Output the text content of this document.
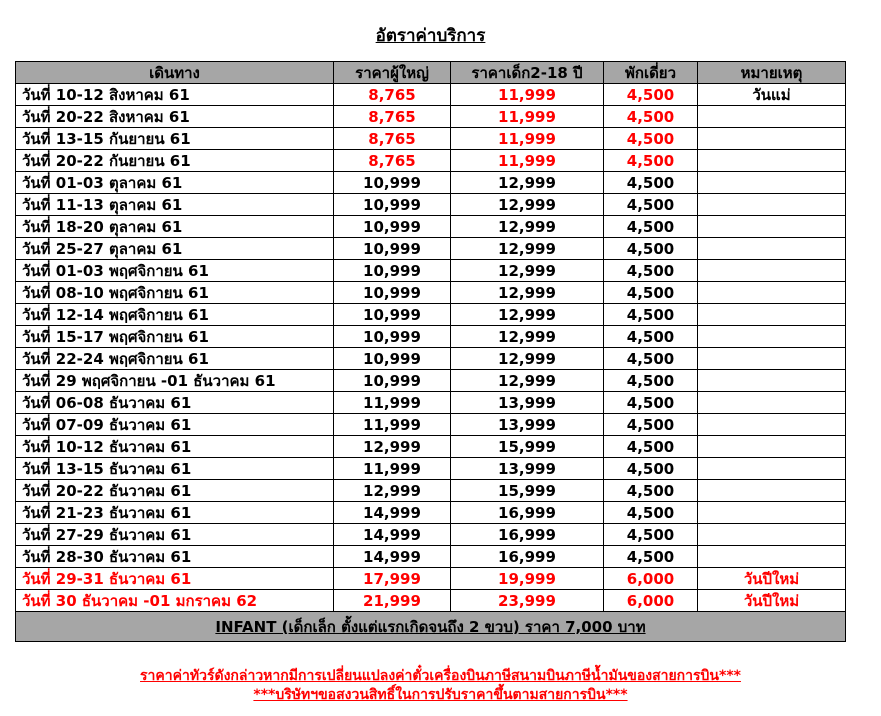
อัตราค่าบริการ
เดินทาง	ราคาผู้ใหญ่	ราคาเด็ก2-18 ปี	พักเดี่ยว	หมายเหตุ
วันที่ 10-12 สิงหาคม 61	8,765	11,999	4,500	วันแม่
วันที่ 20-22 สิงหาคม 61	8,765	11,999	4,500	
วันที่ 13-15 กันยายน 61	8,765	11,999	4,500	
วันที่ 20-22 กันยายน 61	8,765	11,999	4,500	
วันที่ 01-03 ตุลาคม 61	10,999	12,999	4,500	
วันที่ 11-13 ตุลาคม 61	10,999	12,999	4,500	
วันที่ 18-20 ตุลาคม 61	10,999	12,999	4,500	
วันที่ 25-27 ตุลาคม 61	10,999	12,999	4,500	
วันที่ 01-03 พฤศจิกายน 61	10,999	12,999	4,500	
วันที่ 08-10 พฤศจิกายน 61	10,999	12,999	4,500	
วันที่ 12-14 พฤศจิกายน 61	10,999	12,999	4,500	
วันที่ 15-17 พฤศจิกายน 61	10,999	12,999	4,500	
วันที่ 22-24 พฤศจิกายน 61	10,999	12,999	4,500	
วันที่ 29 พฤศจิกายน -01 ธันวาคม 61	10,999	12,999	4,500	
วันที่ 06-08 ธันวาคม 61	11,999	13,999	4,500	
วันที่ 07-09 ธันวาคม 61	11,999	13,999	4,500	
วันที่ 10-12 ธันวาคม 61	12,999	15,999	4,500	
วันที่ 13-15 ธันวาคม 61	11,999	13,999	4,500	
วันที่ 20-22 ธันวาคม 61	12,999	15,999	4,500	
วันที่ 21-23 ธันวาคม 61	14,999	16,999	4,500	
วันที่ 27-29 ธันวาคม 61	14,999	16,999	4,500	
วันที่ 28-30 ธันวาคม 61	14,999	16,999	4,500	
วันที่ 29-31 ธันวาคม 61	17,999	19,999	6,000	วันปีใหม่
วันที่ 30 ธันวาคม -01 มกราคม 62	21,999	23,999	6,000	วันปีใหม่
INFANT (เด็กเล็ก ตั้งแต่แรกเกิดจนถึง 2 ขวบ) ราคา 7,000 บาท				
ราคาค่าทัวร์ดังกล่าวหากมีการเปลี่ยนแปลงค่าตั๋วเครื่องบินภาษีสนามบินภาษีน้ำมันของสายการบิน***
***บริษัทฯขอสงวนสิทธิ์ในการปรับราคาขึ้นตามสายการบิน***
